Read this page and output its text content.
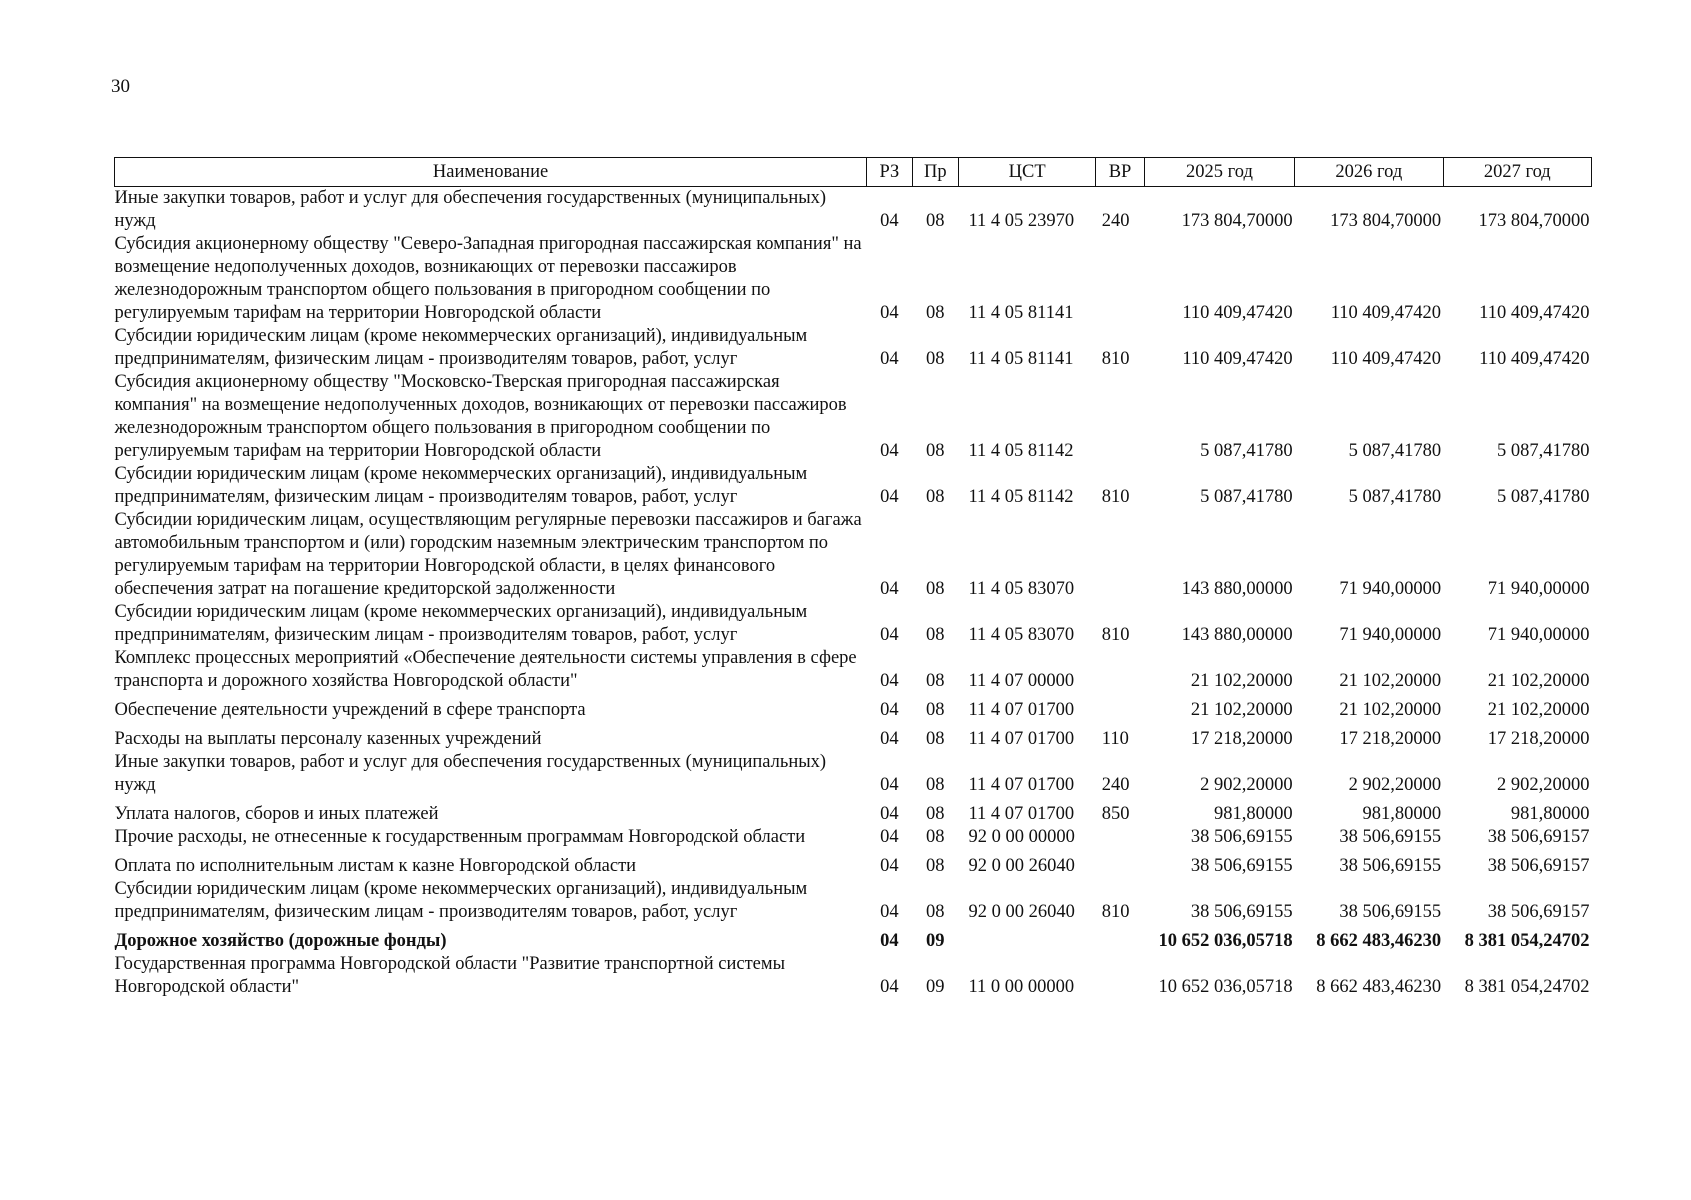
30
Наименование	РЗ	Пр	ЦСТ	ВР	2025 год	2026 год	2027 год
Иные закупки товаров, работ и услуг для обеспечения государственных (муниципальных) нужд	04	08	11 4 05 23970	240	173 804,70000	173 804,70000	173 804,70000
Субсидия акционерному обществу "Северо-Западная пригородная пассажирская компания" на возмещение недополученных доходов, возникающих от перевозки пассажиров железнодорожным транспортом общего пользования в пригородном сообщении по регулируемым тарифам на территории Новгородской области	04	08	11 4 05 81141		110 409,47420	110 409,47420	110 409,47420
Субсидии юридическим лицам (кроме некоммерческих организаций), индивидуальным предпринимателям, физическим лицам - производителям товаров, работ, услуг	04	08	11 4 05 81141	810	110 409,47420	110 409,47420	110 409,47420
Субсидия акционерному обществу "Московско-Тверская пригородная пассажирская компания" на возмещение недополученных доходов, возникающих от перевозки пассажиров железнодорожным транспортом общего пользования в пригородном сообщении по регулируемым тарифам на территории Новгородской области	04	08	11 4 05 81142		5 087,41780	5 087,41780	5 087,41780
Субсидии юридическим лицам (кроме некоммерческих организаций), индивидуальным предпринимателям, физическим лицам - производителям товаров, работ, услуг	04	08	11 4 05 81142	810	5 087,41780	5 087,41780	5 087,41780
Субсидии юридическим лицам, осуществляющим регулярные перевозки пассажиров и багажа автомобильным транспортом и (или) городским наземным электрическим транспортом по регулируемым тарифам на территории Новгородской области, в целях финансового обеспечения затрат на погашение кредиторской задолженности	04	08	11 4 05 83070		143 880,00000	71 940,00000	71 940,00000
Субсидии юридическим лицам (кроме некоммерческих организаций), индивидуальным предпринимателям, физическим лицам - производителям товаров, работ, услуг	04	08	11 4 05 83070	810	143 880,00000	71 940,00000	71 940,00000
Комплекс процессных мероприятий «Обеспечение деятельности системы управления в сфере транспорта и дорожного хозяйства Новгородской области"	04	08	11 4 07 00000		21 102,20000	21 102,20000	21 102,20000
Обеспечение деятельности учреждений в сфере транспорта	04	08	11 4 07 01700		21 102,20000	21 102,20000	21 102,20000
Расходы на выплаты персоналу казенных учреждений	04	08	11 4 07 01700	110	17 218,20000	17 218,20000	17 218,20000
Иные закупки товаров, работ и услуг для обеспечения государственных (муниципальных) нужд	04	08	11 4 07 01700	240	2 902,20000	2 902,20000	2 902,20000
Уплата налогов, сборов и иных платежей	04	08	11 4 07 01700	850	981,80000	981,80000	981,80000
Прочие расходы, не отнесенные к государственным программам Новгородской области	04	08	92 0 00 00000		38 506,69155	38 506,69155	38 506,69157
Оплата по исполнительным листам к казне Новгородской области	04	08	92 0 00 26040		38 506,69155	38 506,69155	38 506,69157
Субсидии юридическим лицам (кроме некоммерческих организаций), индивидуальным предпринимателям, физическим лицам - производителям товаров, работ, услуг	04	08	92 0 00 26040	810	38 506,69155	38 506,69155	38 506,69157
Дорожное хозяйство (дорожные фонды)	04	09			10 652 036,05718	8 662 483,46230	8 381 054,24702
Государственная программа Новгородской области "Развитие транспортной системы Новгородской области"	04	09	11 0 00 00000		10 652 036,05718	8 662 483,46230	8 381 054,24702
